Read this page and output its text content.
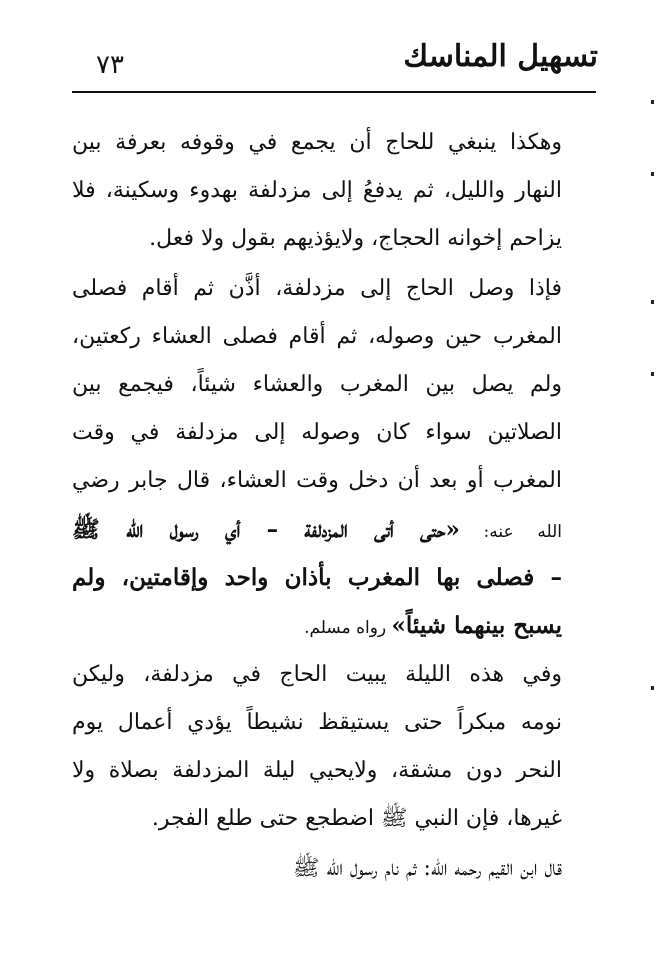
تسهيل المناسك
٧٣
وهكذا ينبغي للحاج أن يجمع في وقوفه بعرفة بين
النهار والليل، ثم يدفعُ إلى مزدلفة بهدوء وسكينة، فلا
يزاحم إخوانه الحجاج، ولايؤذيهم بقول ولا فعل.
فإذا وصل الحاج إلى مزدلفة، أذَّن ثم أقام فصلى
المغرب حين وصوله، ثم أقام فصلى العشاء ركعتين،
ولم يصل بين المغرب والعشاء شيئاً، فيجمع بين
الصلاتين سواء كان وصوله إلى مزدلفة في وقت
المغرب أو بعد أن دخل وقت العشاء، قال جابر رضي
الله عنه: «حتى أتى المزدلفة – أي رسول الله ﷺ
– فصلى بها المغرب بأذان واحد وإقامتين، ولم
يسبح بينهما شيئاً» رواه مسلم.
وفي هذه الليلة يبيت الحاج في مزدلفة، وليكن
نومه مبكراً حتى يستيقظ نشيطاً يؤدي أعمال يوم
النحر دون مشقة، ولايحيي ليلة المزدلفة بصلاة ولا
غيرها، فإن النبي ﷺ اضطجع حتى طلع الفجر.
قال ابن القيم رحمه الله: ثم نام رسول الله ﷺ
